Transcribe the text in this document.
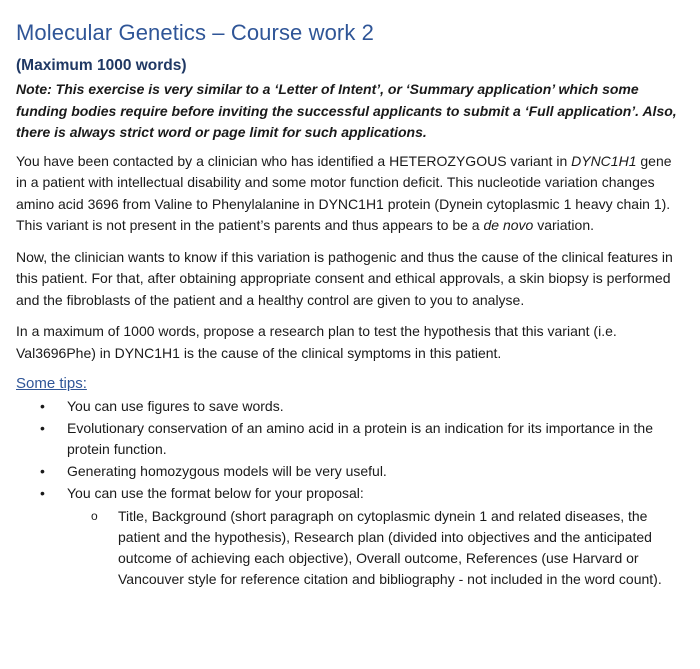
Molecular Genetics – Course work 2
(Maximum 1000 words)
Note: This exercise is very similar to a ‘Letter of Intent’, or ‘Summary application’ which some funding bodies require before inviting the successful applicants to submit a ‘Full application’. Also, there is always strict word or page limit for such applications.

You have been contacted by a clinician who has identified a HETEROZYGOUS variant in DYNC1H1 gene in a patient with intellectual disability and some motor function deficit. This nucleotide variation changes amino acid 3696 from Valine to Phenylalanine in DYNC1H1 protein (Dynein cytoplasmic 1 heavy chain 1). This variant is not present in the patient’s parents and thus appears to be a de novo variation.

Now, the clinician wants to know if this variation is pathogenic and thus the cause of the clinical features in this patient. For that, after obtaining appropriate consent and ethical approvals, a skin biopsy is performed and the fibroblasts of the patient and a healthy control are given to you to analyse.

In a maximum of 1000 words, propose a research plan to test the hypothesis that this variant (i.e. Val3696Phe) in DYNC1H1 is the cause of the clinical symptoms in this patient.

Some tips:
• You can use figures to save words.
• Evolutionary conservation of an amino acid in a protein is an indication for its importance in the protein function.
• Generating homozygous models will be very useful.
• You can use the format below for your proposal:
o Title, Background (short paragraph on cytoplasmic dynein 1 and related diseases, the patient and the hypothesis), Research plan (divided into objectives and the anticipated outcome of achieving each objective), Overall outcome, References (use Harvard or Vancouver style for reference citation and bibliography - not included in the word count).
